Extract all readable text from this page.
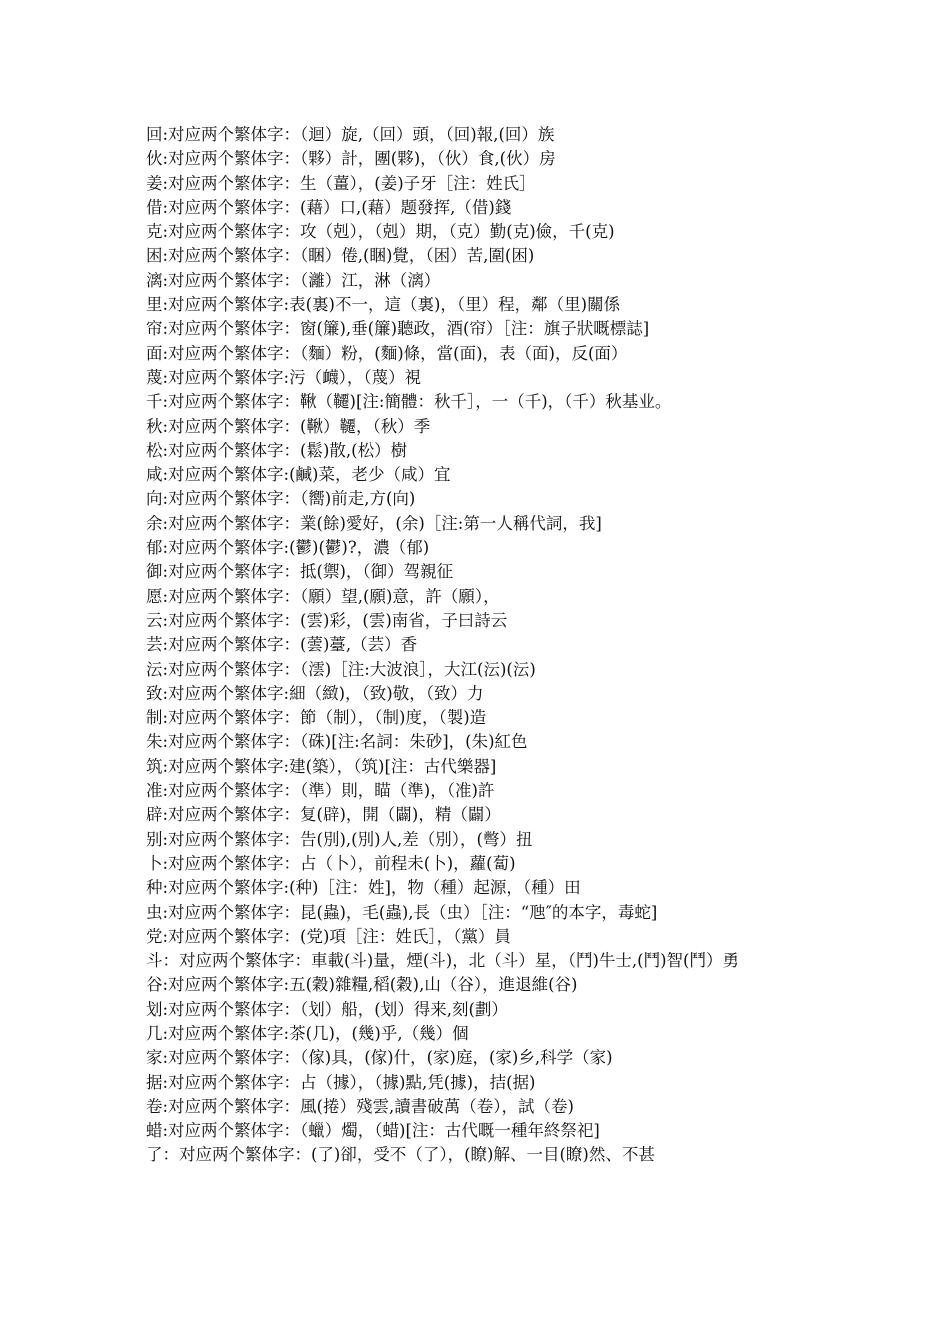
回:对应两个繁体字：（迴）旋,（回）頭，（回)報,(回）族
伙:对应两个繁体字：（夥）計，團(夥)，（伙）食,(伙）房
姜:对应两个繁体字：生（薑），(姜)子牙［注：姓氏］
借:对应两个繁体字：(藉）口,(藉）题發挥,（借)錢
克:对应两个繁体字：攻（剋），（剋）期，（克）勤(克)儉，千(克)
困:对应两个繁体字：（睏）倦,(睏)覺，（困）苦,圍(困)
漓:对应两个繁体字：（灕）江，淋（漓）
里:对应两个繁体字:表(裏)不一，這（裏)，（里）程，鄰（里)關係
帘:对应两个繁体字：窗(簾),垂(簾)聽政，酒(帘）［注：旗子狀嘅標誌]
面:对应两个繁体字：（麵）粉，(麵)條，當(面)，表（面)，反(面）
蔑:对应两个繁体字:污（衊），（蔑）視
千:对应两个繁体字：鞦（韆)[注:簡體：秋千］，一（千)，（千）秋基业。
秋:对应两个繁体字：(鞦）韆，（秋）季
松:对应两个繁体字：(鬆)散,(松）樹
咸:对应两个繁体字:(鹹)菜，老少（咸）宜
向:对应两个繁体字：（嚮)前走,方(向)
余:对应两个繁体字：業(餘)愛好，(余)［注:第一人稱代詞，我]
郁:对应两个繁体字:(鬱)(鬱)?，濃（郁)
御:对应两个繁体字：抵(禦)，（御）驾親征
愿:对应两个繁体字：（願）望,(願)意，許（願），
云:对应两个繁体字：(雲)彩，(雲)南省，子曰詩云
芸:对应两个繁体字：(蕓)薹,（芸）香
沄:对应两个繁体字：（澐)［注:大波浪］，大江(沄)(沄)
致:对应两个繁体字:細（緻)，（致)敬，（致）力
制:对应两个繁体字：節（制），（制)度，（製)造
朱:对应两个繁体字：（硃)[注:名詞：朱砂]，(朱)紅色
筑:对应两个繁体字:建(築），（筑)[注：古代樂器]
准:对应两个繁体字：（準）則，瞄（準)，（准)許
辟:对应两个繁体字：复(辟)，開（闢)，精（闢）
别:对应两个繁体字：告(別),(別)人,差（別），(彆）扭
卜:对应两个繁体字：占（卜），前程未(卜)，蘿(蔔)
种:对应两个繁体字:(种)［注：姓]，物（種）起源，（種）田
虫:对应两个繁体字：昆(蟲)，毛(蟲),長（虫）［注：“虺″的本字，毒蛇]
党:对应两个繁体字：(党)項［注：姓氏］，（黨）員
斗：对应两个繁体字：車載(斗)量，煙(斗)，北（斗）星，（鬥)牛士,(鬥)智(鬥）勇
谷:对应两个繁体字:五(穀)雜糧,稻(穀),山（谷），進退維(谷)
划:对应两个繁体字：（划）船，(划）得来,刻(劃）
几:对应两个繁体字:茶(几)，(幾)乎,（幾）個
家:对应两个繁体字：（傢)具，(傢)什，(家)庭，(家)乡,科学（家)
据:对应两个繁体字：占（據），（據)點,凭(據)，拮(据)
卷:对应两个繁体字：風(捲）殘雲,讀書破萬（卷），試（卷)
蜡:对应两个繁体字：（蠟）燭，（蜡)[注：古代嘅一種年終祭祀]
了：对应两个繁体字：(了)卻，受不（了），(瞭)解、一目(瞭)然、不甚
